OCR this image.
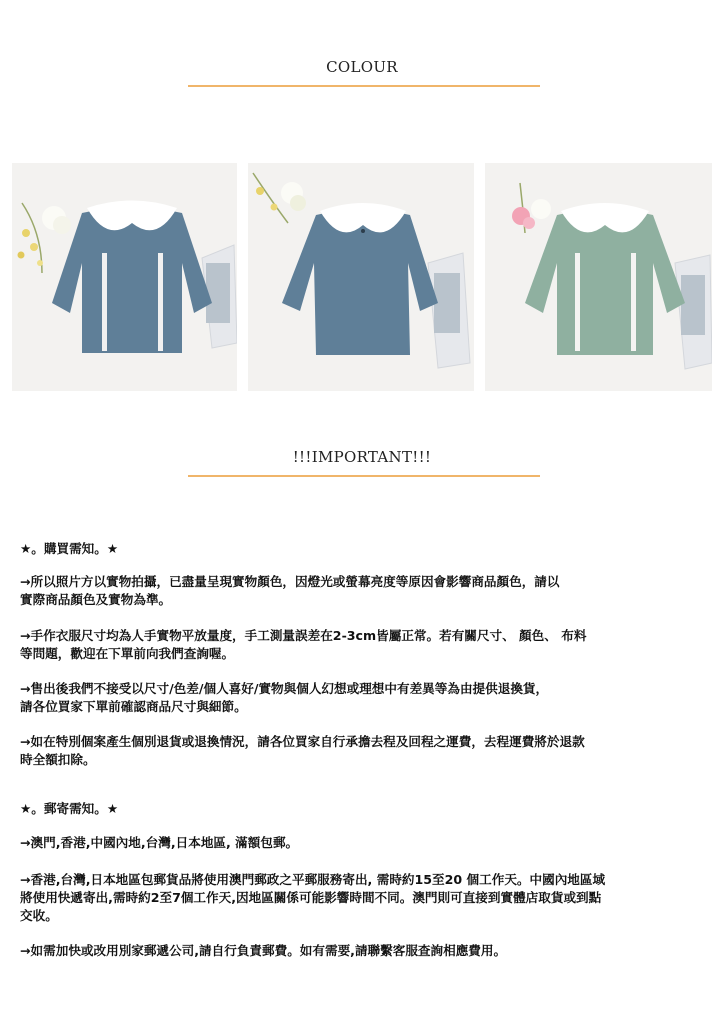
COLOUR
!!!IMPORTANT!!!

★。購買需知。★

→所以照片方以實物拍攝，已盡量呈現實物顏色，因燈光或螢幕亮度等原因會影響商品顏色，請以
實際商品顏色及實物為準。

→手作衣服尺寸均為人手實物平放量度，手工測量誤差在2-3cm皆屬正常。若有關尺寸、 顏色、 布料
等問題，歡迎在下單前向我們查詢喔。

→售出後我們不接受以尺寸/色差/個人喜好/實物與個人幻想或理想中有差異等為由提供退換貨，
請各位買家下單前確認商品尺寸與細節。

→如在特別個案產生個別退貨或退換情況，請各位買家自行承擔去程及回程之運費，去程運費將於退款
時全額扣除。

★。郵寄需知。★

→澳門,香港,中國內地,台灣,日本地區, 滿額包郵。

→香港,台灣,日本地區包郵貨品將使用澳門郵政之平郵服務寄出, 需時約15至20 個工作天。中國內地區域
將使用快遞寄出,需時約2至7個工作天,因地區關係可能影響時間不同。澳門則可直接到實體店取貨或到點
交收。

→如需加快或改用別家郵遞公司,請自行負責郵費。如有需要,請聯繫客服查詢相應費用。
